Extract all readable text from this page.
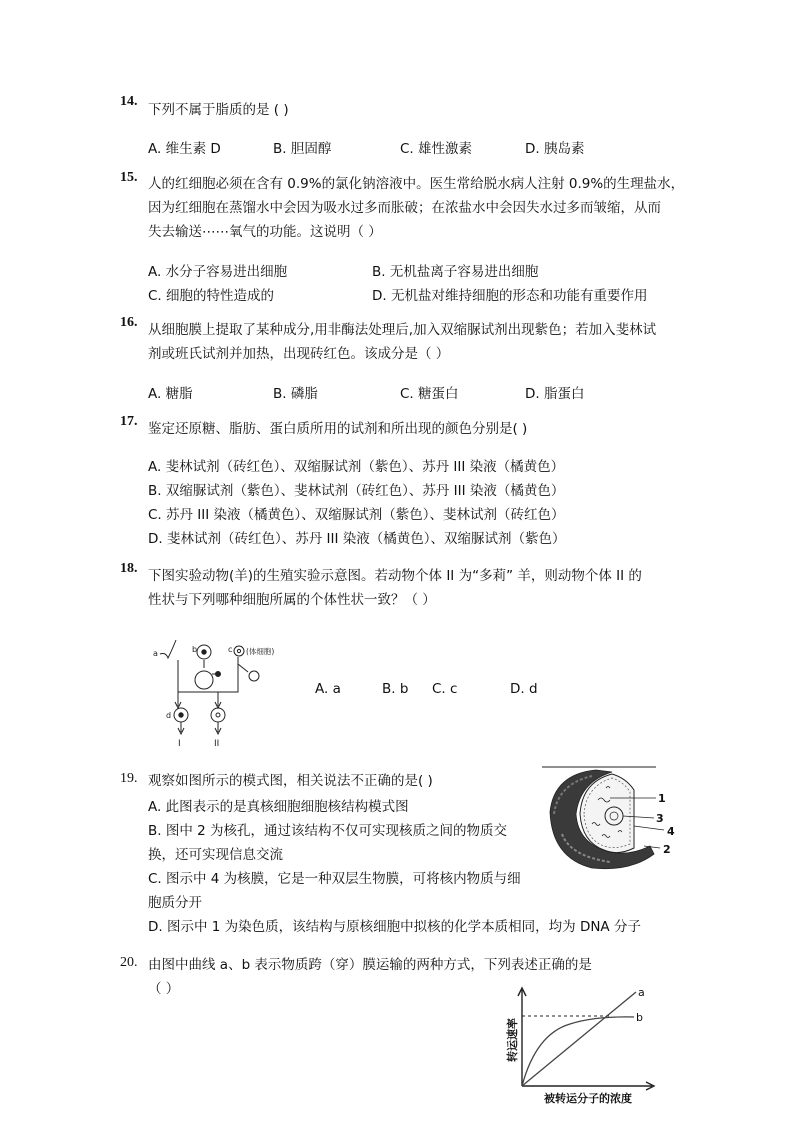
14.
下列不属于脂质的是 ( )
A. 维生素 D	B. 胆固醇	C. 雄性激素	D. 胰岛素
15. 人的红细胞必须在含有 0.9%的氯化钠溶液中。医生常给脱水病人注射 0.9%的生理盐水，
因为红细胞在蒸馏水中会因为吸水过多而胀破；在浓盐水中会因失水过多而皱缩，从而
失去输送⋯⋯氧气的功能。这说明（ ）
A. 水分子容易进出细胞	B. 无机盐离子容易进出细胞
C. 细胞的特性造成的	D. 无机盐对维持细胞的形态和功能有重要作用
16. 从细胞膜上提取了某种成分,用非酶法处理后,加入双缩脲试剂出现紫色；若加入斐林试
剂或班氏试剂并加热，出现砖红色。该成分是（ ）
A. 糖脂	B. 磷脂	C. 糖蛋白	D. 脂蛋白
17. 鉴定还原糖、脂肪、蛋白质所用的试剂和所出现的颜色分别是( )
A. 斐林试剂（砖红色）、双缩脲试剂（紫色）、苏丹 III 染液（橘黄色）
B. 双缩脲试剂（紫色）、斐林试剂（砖红色）、苏丹 III 染液（橘黄色）
C. 苏丹 III 染液（橘黄色）、双缩脲试剂（紫色）、斐林试剂（砖红色）
D. 斐林试剂（砖红色）、苏丹 III 染液（橘黄色）、双缩脲试剂（紫色）
18. 下图实验动物(羊)的生殖实验示意图。若动物个体 II 为“多莉” 羊，则动物个体 II 的
性状与下列哪种细胞所属的个体性状一致？（ ）
a	b	c (体细胞)
d
I	II
A. a	B. b C. c	D. d
19. 观察如图所示的模式图，相关说法不正确的是( )
A. 此图表示的是真核细胞细胞核结构模式图
B. 图中 2 为核孔，通过该结构不仅可实现核质之间的物质交
换，还可实现信息交流
C. 图示中 4 为核膜，它是一种双层生物膜，可将核内物质与细
胞质分开
D. 图示中 1 为染色质，该结构与原核细胞中拟核的化学本质相同，均为 DNA 分子
1
2
3
4
20. 由图中曲线 a、b 表示物质跨（穿）膜运输的两种方式，下列表述正确的是
（ ）	a
b
转运速率
被转运分子的浓度
